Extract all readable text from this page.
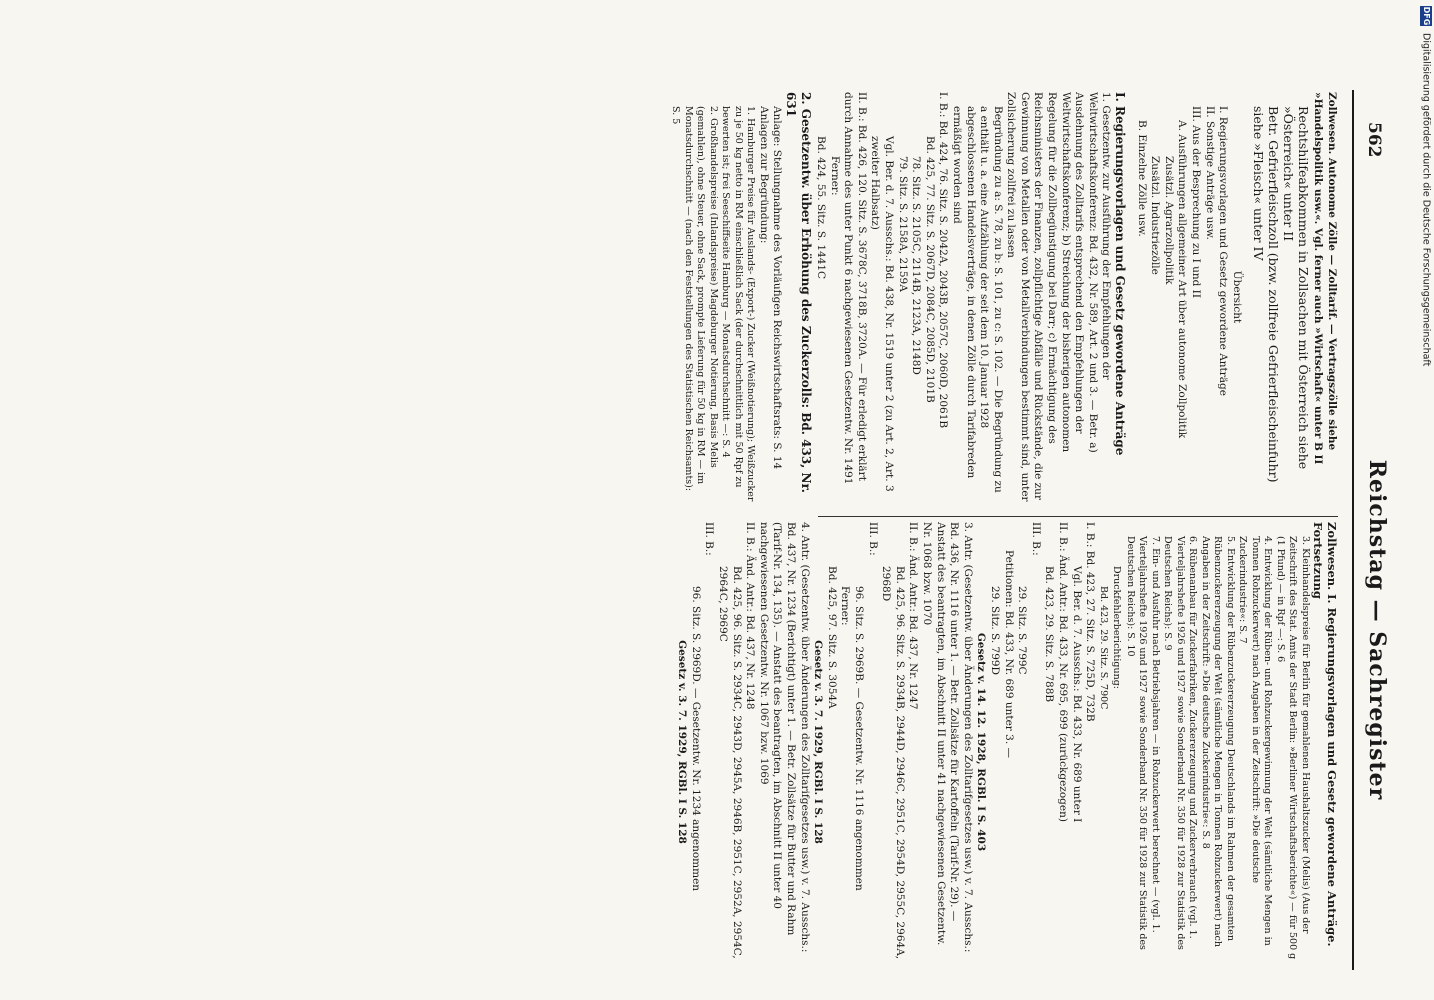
DFG Digitalisierung gefördert durch die Deutsche Forschungsgemeinschaft
562
Reichstag — Sachregister

Zollwesen. Autonome Zölle — Zolltarif. — Vertragszölle siehe »Handelspolitik usw.«. Vgl. ferner auch »Wirtschaft« unter B II

Rechtshilfeabkommen in Zollsachen mit Österreich siehe »Österreich« unter II

Betr. Gefrierfleischzoll (bzw. zollfreie Gefrierfleischeinfuhr) siehe »Fleisch« unter IV

Übersicht

I. Regierungsvorlagen und Gesetz gewordene Anträge

II. Sonstige Anträge usw.

III. Aus der Besprechung zu I und II

A. Ausführungen allgemeiner Art über autonome Zollpolitik

Zusätzl. Agrarzollpolitik

Zusätzl. Industriezölle

B. Einzelne Zölle usw.

I. Regierungsvorlagen und Gesetz gewordene Anträge

1. Gesetzentw. zur Ausführung der Empfehlungen der Weltwirtschaftskonferenz: Bd. 432, Nr. 589, Art. 2 und 3. — Betr. a) Ausdehnung des Zolltarifs entsprechend den Empfehlungen der Weltwirtschaftskonferenz; b) Streichung der bisherigen autonomen Regelung für die Zollbegünstigung bei Darr; c) Ermächtigung des Reichsministers der Finanzen, zollpflichtige Abfälle und Rückstände, die zur Gewinnung von Metallen oder von Metallverbindungen bestimmt sind, unter Zollsicherung zollfrei zu lassen

Begründung zu a: S. 78, zu b: S. 101, zu c: S. 102. — Die Begründung zu a enthält u. a. eine Aufzählung der seit dem 10. Januar 1928 abgeschlossenen Handelsverträge, in denen Zölle durch Tarifabreden ermäßigt worden sind

I. B.: Bd. 424, 76. Sitz. S. 2042A, 2043B, 2057C, 2060D, 2061B

Bd. 425, 77. Sitz. S. 2067D, 2084C, 2085D, 2101B

78. Sitz. S. 2105C, 2114B, 2123A, 2148D

79. Sitz. S. 2158A, 2159A

Vgl. Ber. d. 7. Ausschs.: Bd. 438, Nr. 1519 unter 2 (zu Art. 2, Art. 3 zweiter Halbsatz)

II. B.: Bd. 426, 120. Sitz. S. 3678C, 3718B, 3720A. — Für erledigt erklärt durch Annahme des unter Punkt 6 nachgewiesenen Gesetzentw. Nr. 1491

Ferner:

Bd. 424, 55. Sitz. S. 1441C

2. Gesetzentw. über Erhöhung des Zuckerzolls: Bd. 433, Nr. 631

Anlage: Stellungnahme des Vorläufigen Reichswirtschaftsrats: S. 14

Anlagen zur Begründung:

1. Hamburger Preise für Auslands- (Export-) Zucker (Weißnotierung); Weißzucker zu je 50 kg netto in RM einschließlich Sack (der durchschnittlich mit 50 Rpf zu bewerten ist; frei Seeschiffseite Hamburg — Monatsdurchschnitt —: S. 4

2. Großhandelspreise (Inlandspreise) Magdeburger Notierung, Basis Melis (gemahlen), ohne Steuer, ohne Sack, prompte Lieferung für 50 kg in RM — im Monatsdurchschnitt — (nach den Feststellungen des Statistischen Reichsamts): S. 5

Zollwesen. I. Regierungsvorlagen und Gesetz gewordene Anträge. Fortsetzung

3. Kleinhandelspreise für Berlin für gemahlenen Haushaltszucker (Melis) (Aus der Zeitschrift des Stat. Amts der Stadt Berlin: »Berliner Wirtschaftsberichte«) — für 500 g (1 Pfund) — in Rpf —: S. 6

4. Entwicklung der Rüben- und Rohzuckergewinnung der Welt (sämtliche Mengen in Tonnen Rohzuckerwert) nach Angaben in der Zeitschrift: »Die deutsche Zuckerindustrie«: S. 7

5. Entwicklung der Rübenzuckererzeugung Deutschlands im Rahmen der gesamten Rübenzuckererzeugung der Welt (sämtliche Mengen in Tonnen Rohzuckerwert) nach Angaben in der Zeitschrift: »Die deutsche Zuckerindustrie«: S. 8

6. Rübenanbau für Zuckerfabriken, Zuckererzeugung und Zuckerverbrauch (vgl. 1. Vierteljahrshefte 1926 und 1927 sowie Sonderband Nr. 350 für 1928 zur Statistik des Deutschen Reichs): S. 9

7. Ein- und Ausfuhr nach Betriebsjahren — in Rohzuckerwert berechnet — (vgl. 1. Vierteljahrshefte 1926 und 1927 sowie Sonderband Nr. 350 für 1928 zur Statistik des Deutschen Reichs): S. 10

Druckfehlerberichtigung:

Bd. 423, 29. Sitz. S. 790C

I. B.: Bd. 423, 27. Sitz. S. 725D, 732B

Vgl. Ber. d. 7. Ausschs.: Bd. 433, Nr. 689 unter I

II. B.: Änd. Antr.: Bd. 433, Nr. 695, 699 (zurückgezogen)

Bd. 423, 29. Sitz. S. 788B

III. B.:

29. Sitz. S. 799C

Petitionen: Bd. 433, Nr. 689 unter 3. —

29. Sitz. S. 799D

Gesetz v. 14. 12. 1928, RGBl. I S. 403

3. Antr. (Gesetzentw. über Änderungen des Zolltarifgesetzes usw.) v. 7. Ausschs.: Bd. 436, Nr. 1116 unter 1. — Betr. Zollsätze für Kartoffeln (Tarif-Nr. 29). — Anstatt des beantragten, im Abschnitt II unter 41 nachgewiesenen Gesetzentw. Nr. 1068 bzw. 1070

II. B.: Änd. Antr.: Bd. 437, Nr. 1247

Bd. 425, 96. Sitz. S. 2934B, 2944D, 2946C, 2951C, 2954D, 2955C, 2964A, 2968D

III. B.:

96. Sitz. S. 2969B. — Gesetzentw. Nr. 1116 angenommen

Ferner:

Bd. 425, 97. Sitz. S. 3054A

Gesetz v. 3. 7. 1929, RGBl. I S. 128

4. Antr. (Gesetzentw. über Änderungen des Zolltarifgesetzes usw.) v. 7. Ausschs.: Bd. 437, Nr. 1234 (Berichtigt) unter 1. — Betr. Zollsätze für Butter und Rahm (Tarif-Nr. 134, 135). — Anstatt des beantragten, im Abschnitt II unter 40 nachgewiesenen Gesetzentw. Nr. 1067 bzw. 1069

II. B.: Änd. Antr.: Bd. 437, Nr. 1248

Bd. 425, 96. Sitz. S. 2934C, 2943D, 2945A, 2946B, 2951C, 2952A, 2954C, 2964C, 2969C

III. B.:

96. Sitz. S. 2969D. — Gesetzentw. Nr. 1234 angenommen

Gesetz v. 3. 7. 1929, RGBl. I S. 128
